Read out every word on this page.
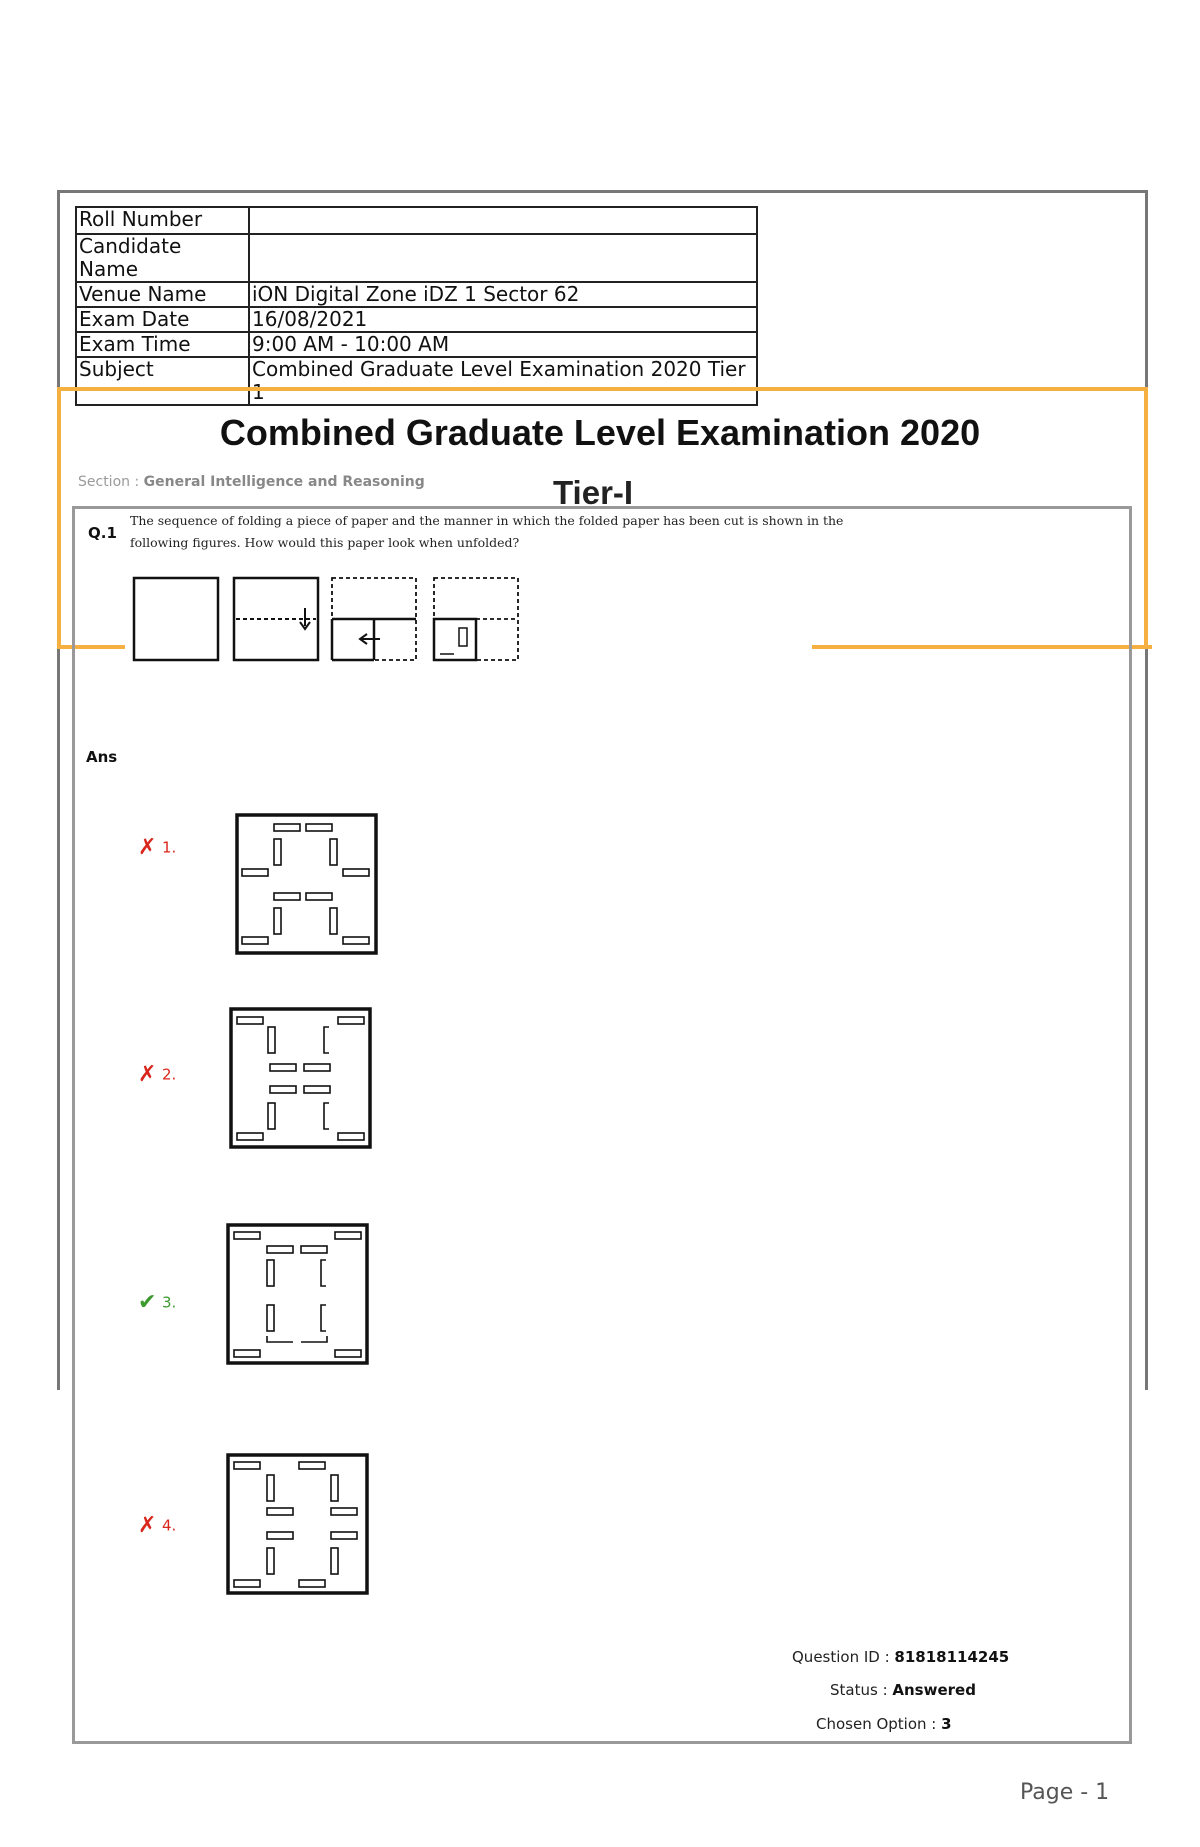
Roll Number	
Candidate Name	
Venue Name	iON Digital Zone iDZ 1 Sector 62
Exam Date	16/08/2021
Exam Time	9:00 AM - 10:00 AM
Subject	Combined Graduate Level Examination 2020 Tier 1
Combined Graduate Level Examination 2020
Section : General Intelligence and Reasoning	Tier-I
Q.1
The sequence of folding a piece of paper and the manner in which the folded paper has been cut is shown in the following figures. How would this paper look when unfolded?
Ans
✗ 1.
✗ 2.
✔ 3.
✗ 4.
Question ID : 81818114245
Status : Answered
Chosen Option : 3
Page - 1
